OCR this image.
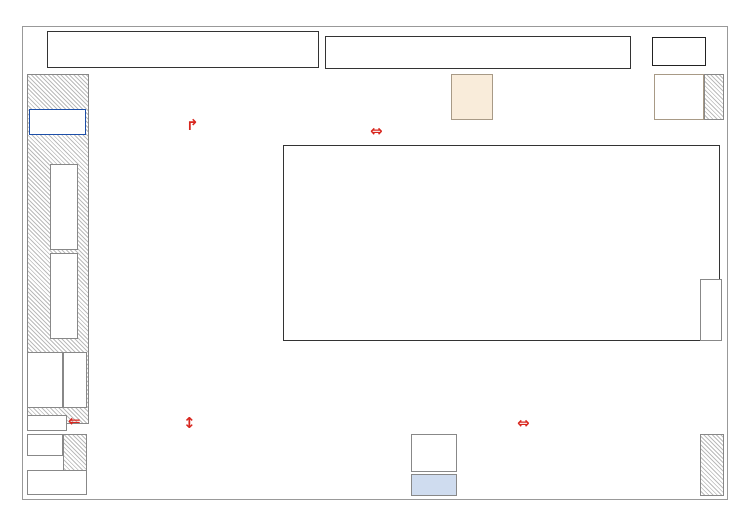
↱	⇔

⇐	↕
	⇔
